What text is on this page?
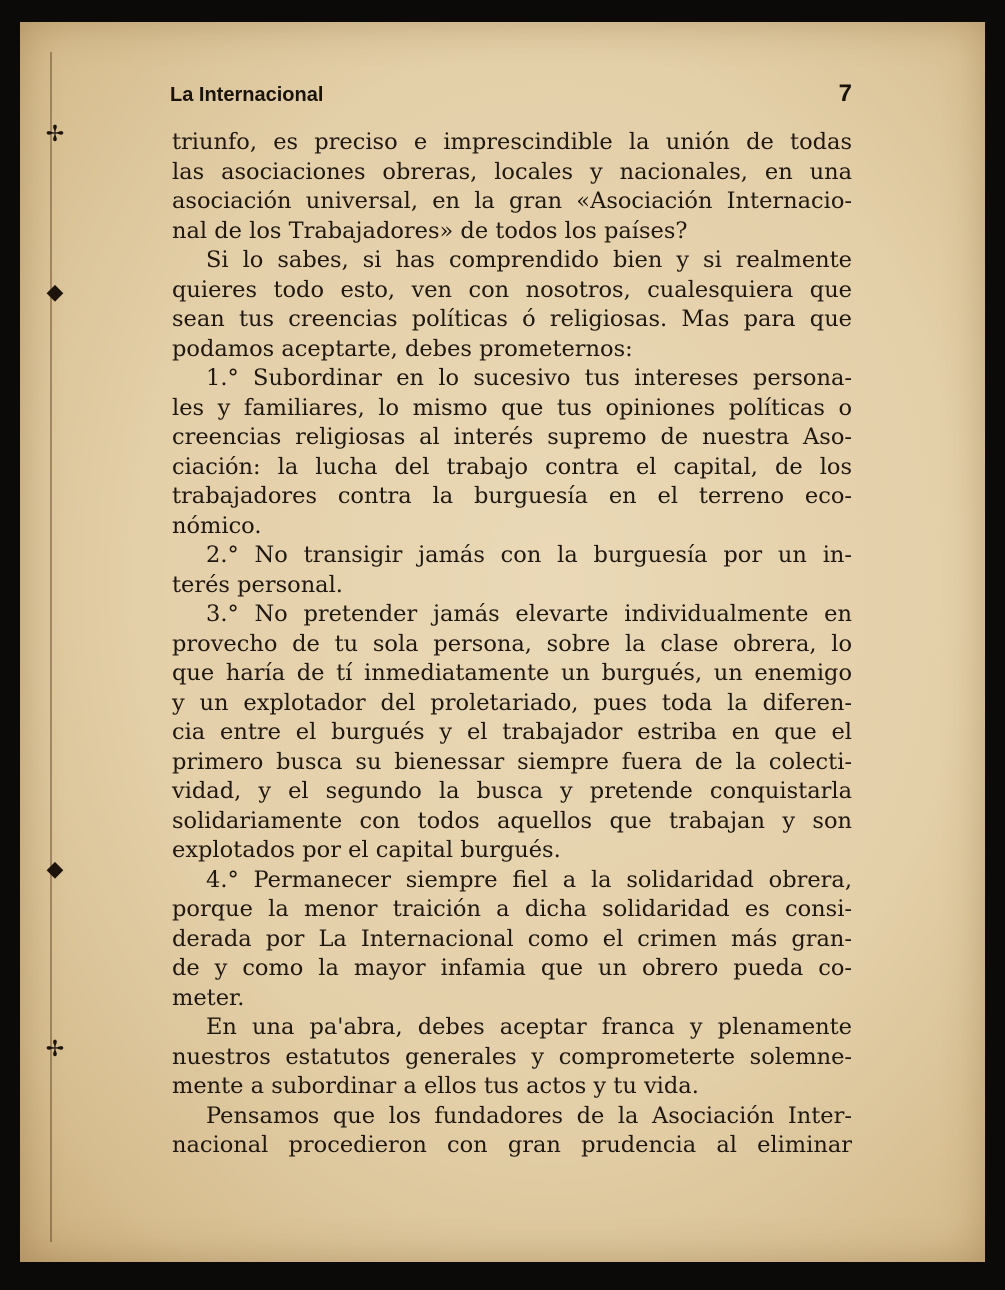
✢
◆
◆
✢
La Internacional	7
triunfo, es preciso e imprescindible la unión de todas
las asociaciones obreras, locales y nacionales, en una
asociación universal, en la gran «Asociación Internacio-
nal de los Trabajadores» de todos los países?
Si lo sabes, si has comprendido bien y si realmente
quieres todo esto, ven con nosotros, cualesquiera que
sean tus creencias políticas ó religiosas. Mas para que
podamos aceptarte, debes prometernos:
1.° Subordinar en lo sucesivo tus intereses persona-
les y familiares, lo mismo que tus opiniones políticas o
creencias religiosas al interés supremo de nuestra Aso-
ciación: la lucha del trabajo contra el capital, de los
trabajadores contra la burguesía en el terreno eco-
nómico.
2.° No transigir jamás con la burguesía por un in-
terés personal.
3.° No pretender jamás elevarte individualmente en
provecho de tu sola persona, sobre la clase obrera, lo
que haría de tí inmediatamente un burgués, un enemigo
y un explotador del proletariado, pues toda la diferen-
cia entre el burgués y el trabajador estriba en que el
primero busca su bienessar siempre fuera de la colecti-
vidad, y el segundo la busca y pretende conquistarla
solidariamente con todos aquellos que trabajan y son
explotados por el capital burgués.
4.° Permanecer siempre fiel a la solidaridad obrera,
porque la menor traición a dicha solidaridad es consi-
derada por La Internacional como el crimen más gran-
de y como la mayor infamia que un obrero pueda co-
meter.
En una pa'abra, debes aceptar franca y plenamente
nuestros estatutos generales y comprometerte solemne-
mente a subordinar a ellos tus actos y tu vida.
Pensamos que los fundadores de la Asociación Inter-
nacional procedieron con gran prudencia al eliminar
